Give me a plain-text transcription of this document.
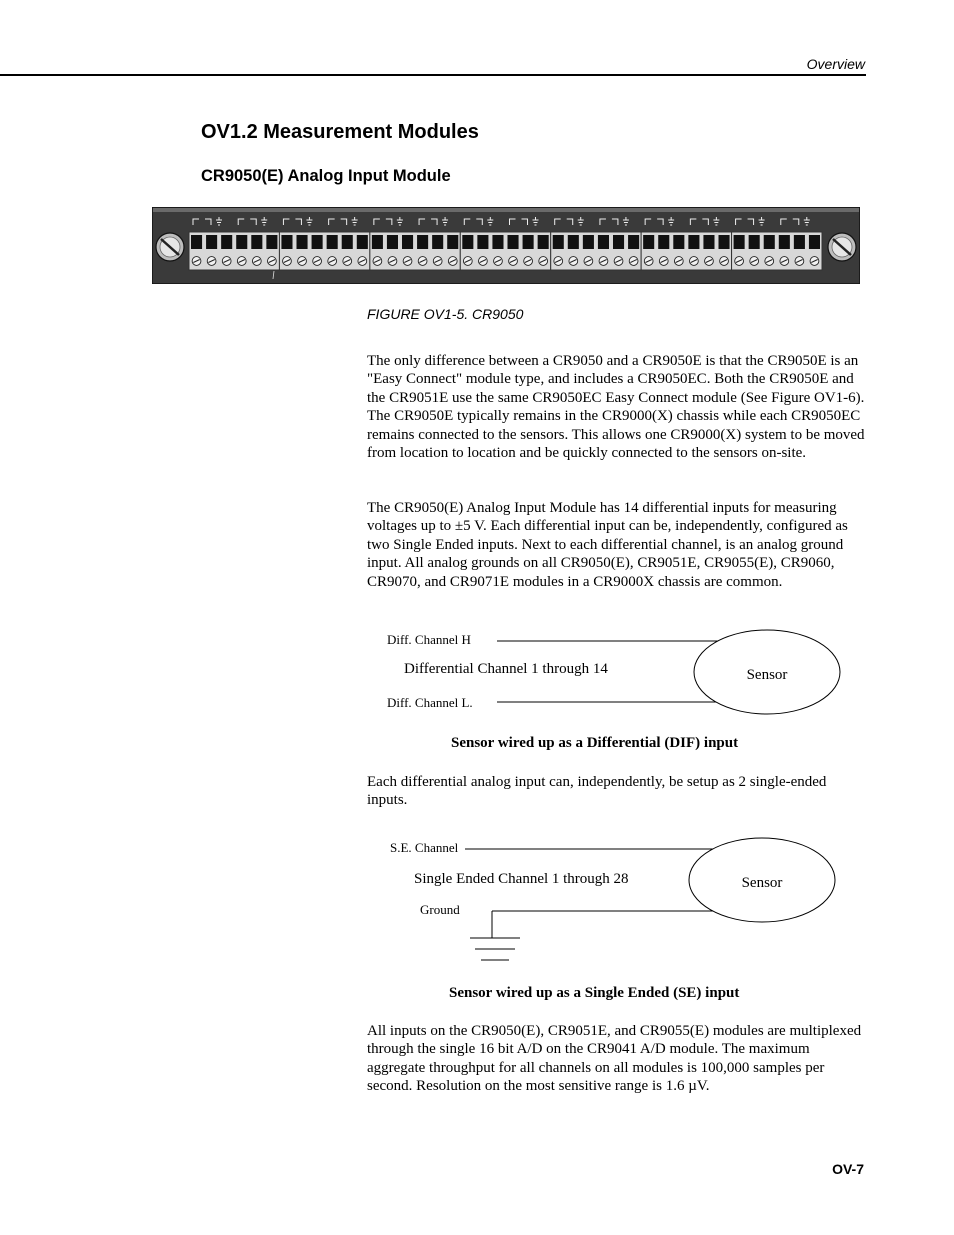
Overview
OV1.2 Measurement Modules
CR9050(E) Analog Input Module
FIGURE OV1-5. CR9050
The only difference between a CR9050 and a CR9050E is that the CR9050E is an "Easy Connect" module type, and includes a CR9050EC. Both the CR9050E and the CR9051E use the same CR9050EC Easy Connect module (See Figure OV1-6). The CR9050E typically remains in the CR9000(X) chassis while each CR9050EC remains connected to the sensors. This allows one CR9000(X) system to be moved from location to location and be quickly connected to the sensors on-site.
The CR9050(E) Analog Input Module has 14 differential inputs for measuring voltages up to ±5 V. Each differential input can be, independently, configured as two Single Ended inputs. Next to each differential channel, is an analog ground input. All analog grounds on all CR9050(E), CR9051E, CR9055(E), CR9060, CR9070, and CR9071E modules in a CR9000X chassis are common.
Diff. Channel H
Diff. Channel L.
Differential Channel 1 through 14	Sensor
Sensor wired up as a Differential (DIF) input
Each differential analog input can, independently, be setup as 2 single-ended inputs.
S.E. Channel
Ground
Single Ended Channel 1 through 28	Sensor
Sensor wired up as a Single Ended (SE) input
All inputs on the CR9050(E), CR9051E, and CR9055(E) modules are multiplexed through the single 16 bit A/D on the CR9041 A/D module. The maximum aggregate throughput for all channels on all modules is 100,000 samples per second. Resolution on the most sensitive range is 1.6 µV.
OV-7
